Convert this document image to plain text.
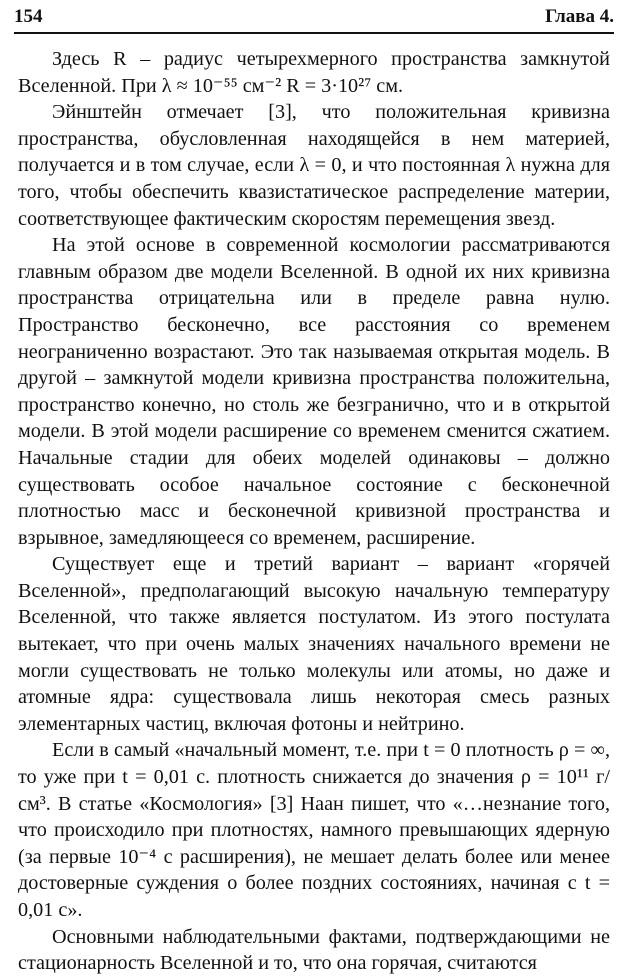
154	Глава 4.

Здесь R – радиус четырехмерного пространства замкнутой Вселенной. При λ ≈ 10⁻⁵⁵ см⁻² R = 3·10²⁷ см.

Эйнштейн отмечает [3], что положительная кривизна пространства, обусловленная находящейся в нем материей, получается и в том случае, если λ = 0, и что постоянная λ нужна для того, чтобы обеспечить квазистатическое распределение материи, соответствующее фактическим скоростям перемещения звезд.

На этой основе в современной космологии рассматриваются главным образом две модели Вселенной. В одной их них кривизна пространства отрицательна или в пределе равна нулю. Пространство бесконечно, все расстояния со временем неограниченно возрастают. Это так называемая открытая модель. В другой – замкнутой модели кривизна пространства положительна, пространство конечно, но столь же безгранично, что и в открытой модели. В этой модели расширение со временем сменится сжатием. Начальные стадии для обеих моделей одинаковы – должно существовать особое начальное состояние с бесконечной плотностью масс и бесконечной кривизной пространства и взрывное, замедляющееся со временем, расширение.

Существует еще и третий вариант – вариант «горячей Вселенной», предполагающий высокую начальную температуру Вселенной, что также является постулатом. Из этого постулата вытекает, что при очень малых значениях начального времени не могли существовать не только молекулы или атомы, но даже и атомные ядра: существовала лишь некоторая смесь разных элементарных частиц, включая фотоны и нейтрино.

Если в самый «начальный момент, т.е. при t = 0 плотность ρ = ∞, то уже при t = 0,01 с. плотность снижается до значения ρ = 10¹¹ г/см³. В статье «Космология» [3] Наан пишет, что «…незнание того, что происходило при плотностях, намного превышающих ядерную (за первые 10⁻⁴ с расширения), не мешает делать более или менее достоверные суждения о более поздних состояниях, начиная с t = 0,01 с».

Основными наблюдательными фактами, подтверждающими не стационарность Вселенной и то, что она горячая, считаются
